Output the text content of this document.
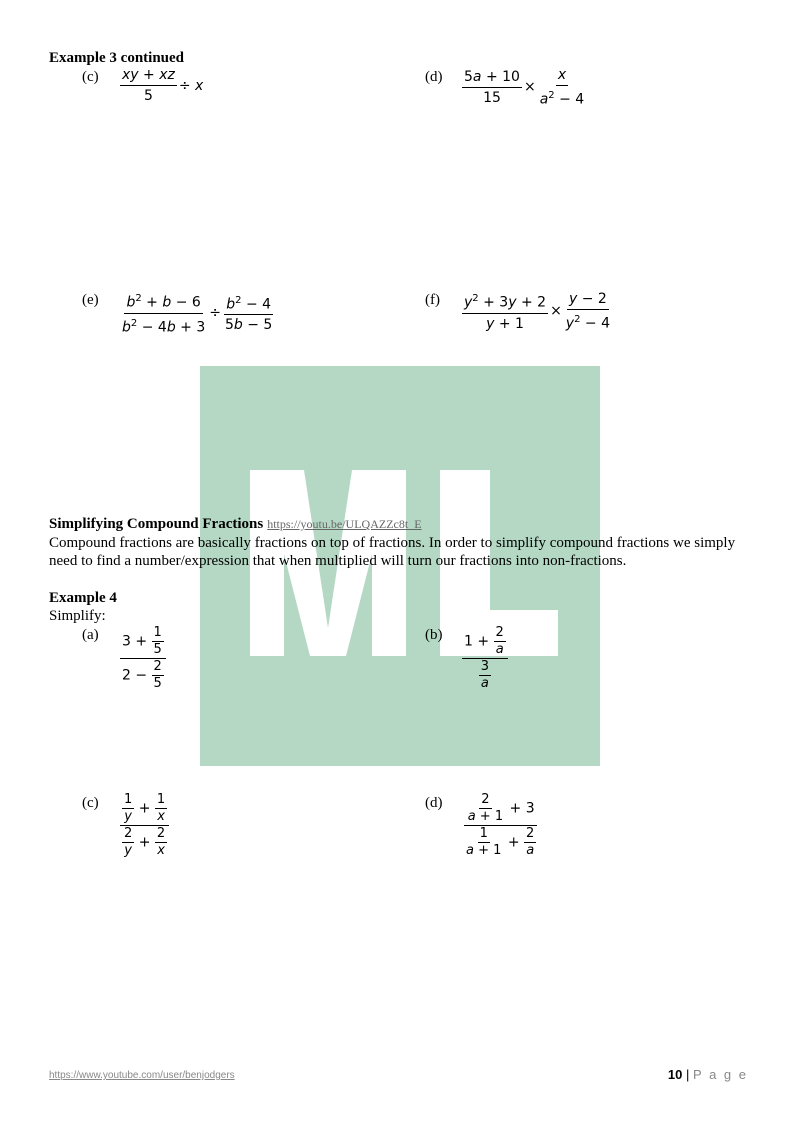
Example 3 continued
$(c) \frac{xy + xz}{5} \div x$
$(d) \frac{5a + 10}{15} \times \frac{x}{a^2 - 4}$
$(e) \frac{b^2 + b - 6}{b^2 - 4b + 3} \div \frac{b^2 - 4}{5b - 5}$	$(f) \frac{y^2 + 3y + 2}{y + 1} \times \frac{y - 2}{y^2 - 4}$
Simplifying Compound Fractions https://youtu.be/ULQAZZc8t_E
Compound fractions are basically fractions on top of fractions. In order to simplify compound fractions we simply need to find a number/expression that when multiplied will turn our fractions into non-fractions.
Example 4
Simplify:
$(a) \frac{3 + \frac{1}{5}}{2 - \frac{2}{5}}$	$(b) \frac{1 + \frac{2}{a}}{\frac{3}{a}}$
$(c) \frac{\frac{1}{y} + \frac{1}{x}}{\frac{2}{y} + \frac{2}{x}}$	$(d) \frac{\frac{2}{a + 1} + 3}{\frac{1}{a + 1} + \frac{2}{a}}$
https://www.youtube.com/user/benjodgers	10 | P a g e
